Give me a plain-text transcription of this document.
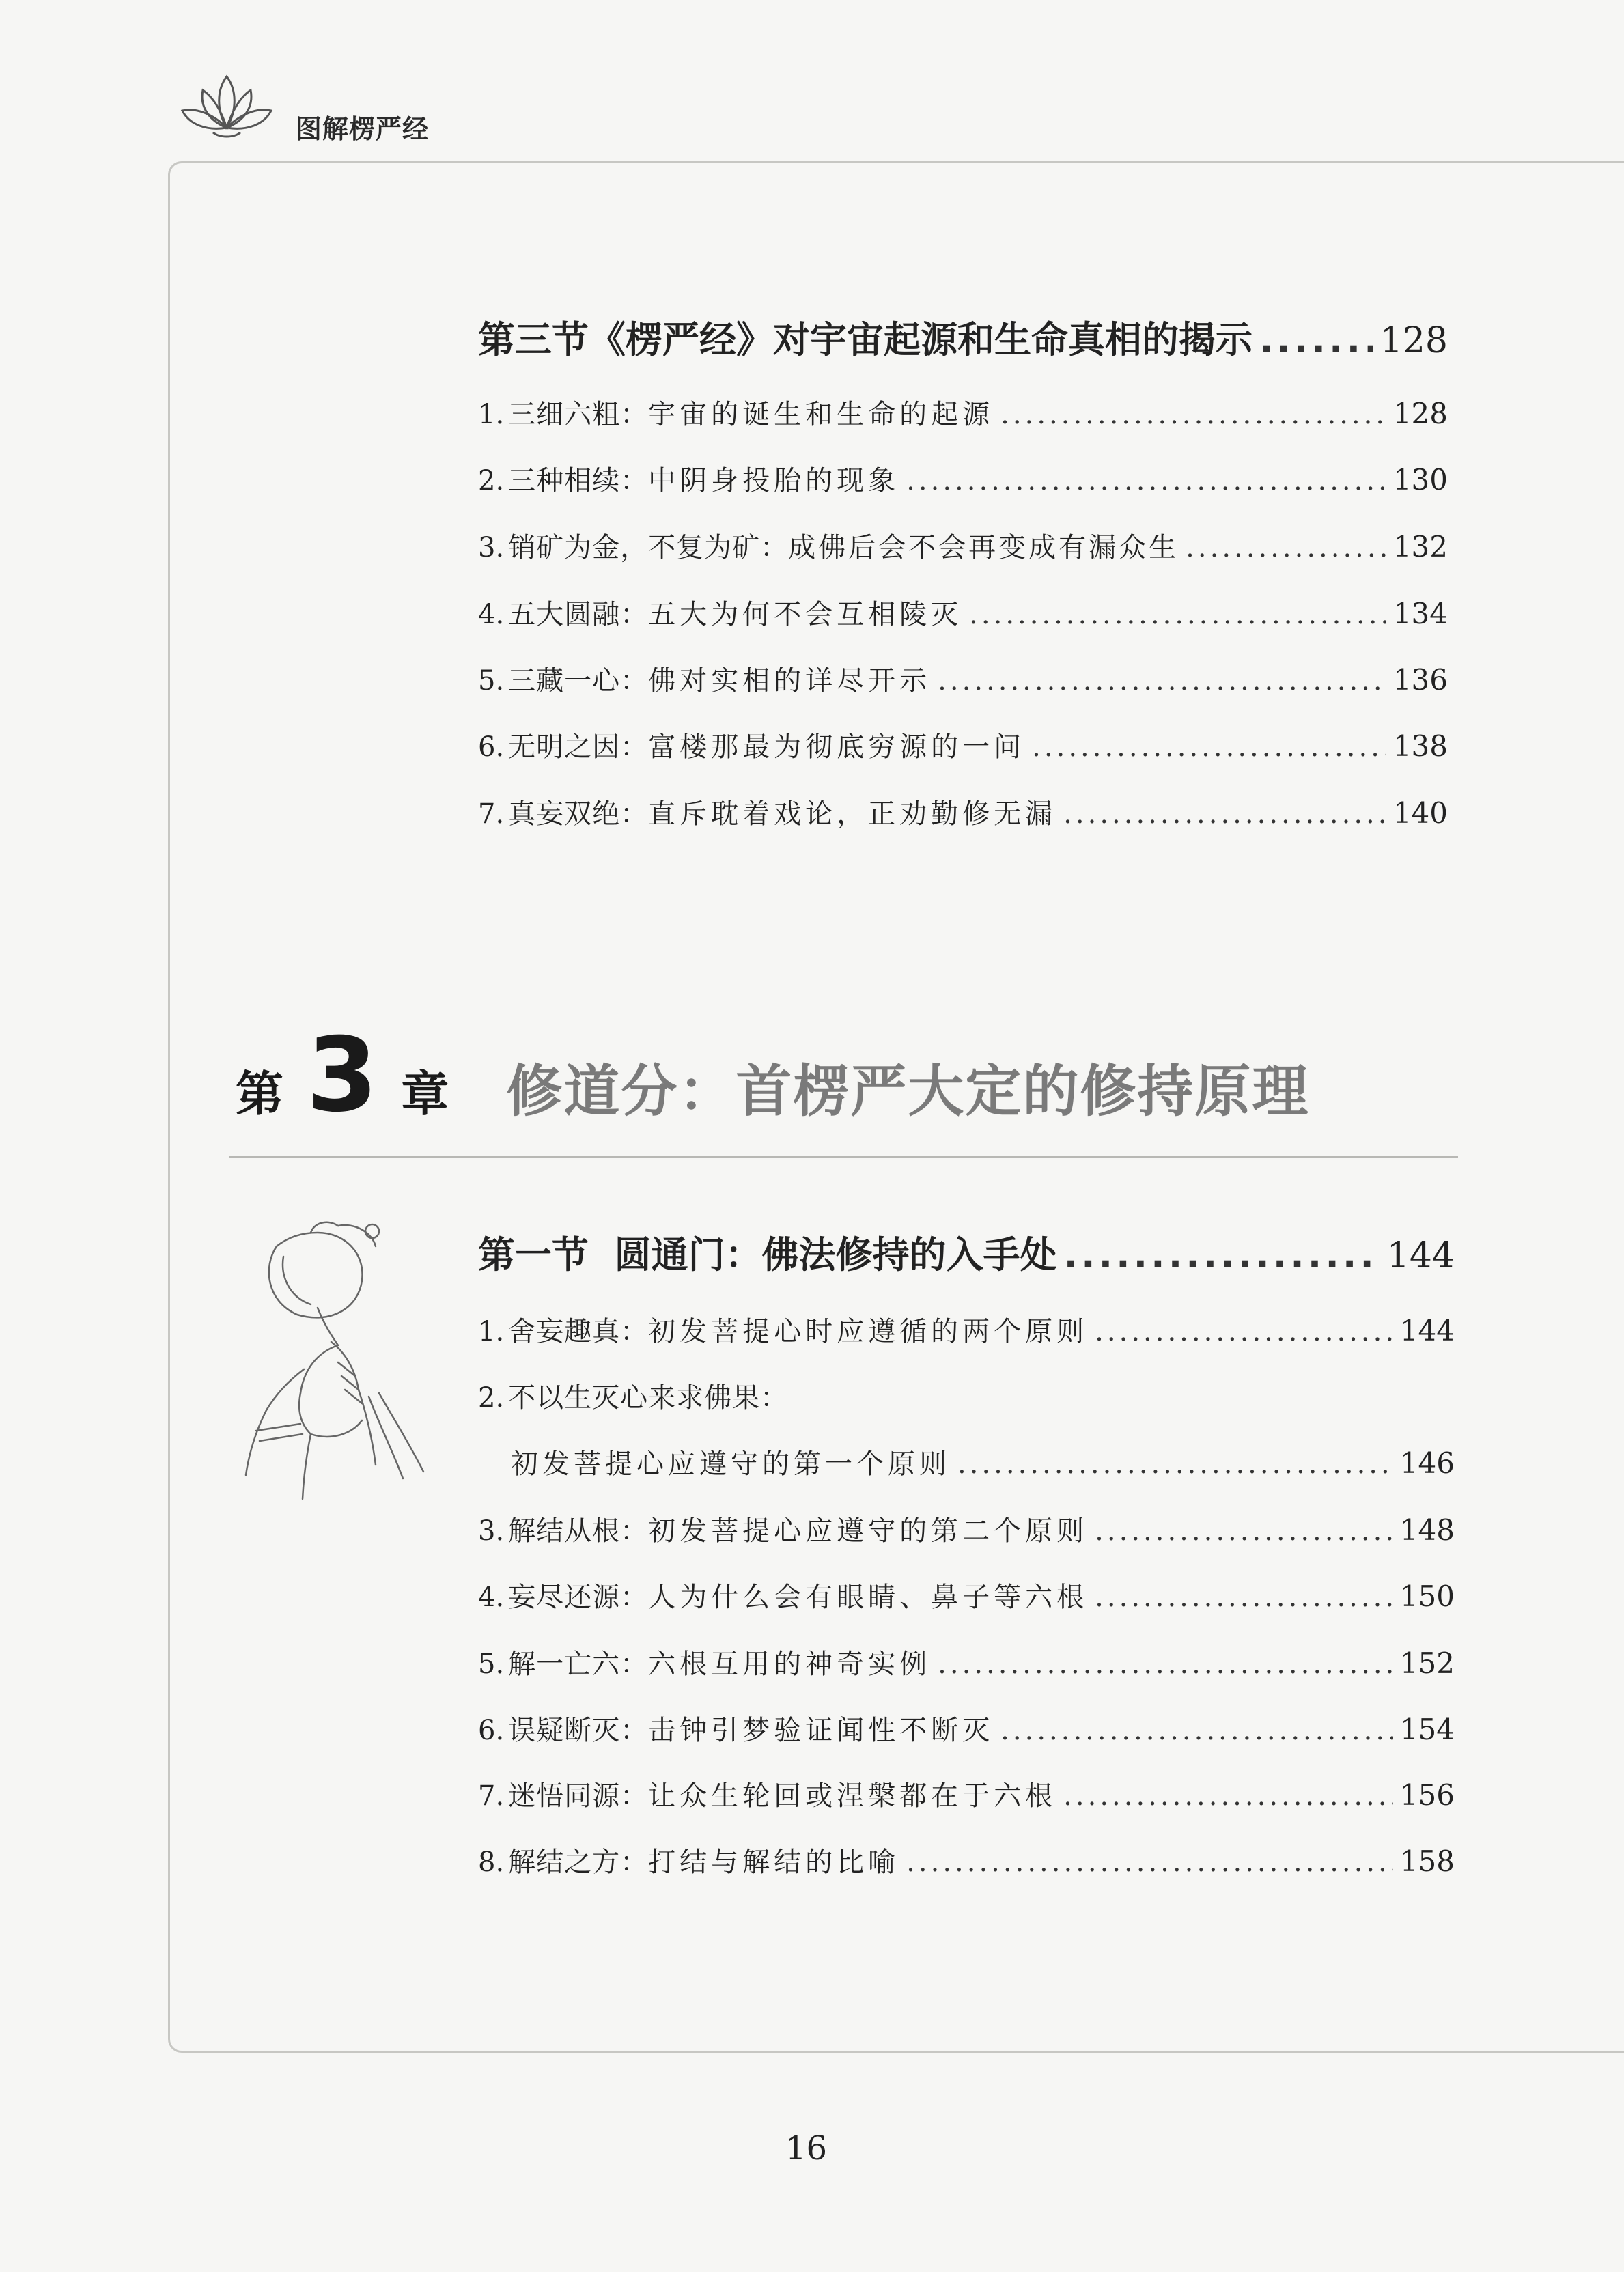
图解楞严经
第三节《楞严经》对宇宙起源和生命真相的揭示 .....	128
1. 三细六粗： 宇宙的诞生和生命的起源 .....	128
2. 三种相续： 中阴身投胎的现象 .....	130
3. 销矿为金，不复为矿： 成佛后会不会再变成有漏众生 .....	132
4. 五大圆融： 五大为何不会互相陵灭 .....	134
5. 三藏一心： 佛对实相的详尽开示 .....	136
6. 无明之因： 富楼那最为彻底穷源的一问 .....	138
7. 真妄双绝： 直斥耽着戏论，正劝勤修无漏 .....	140
第 3 章 修道分：首楞严大定的修持原理
第一节  圆通门：佛法修持的入手处 .....	144
1. 舍妄趣真： 初发菩提心时应遵循的两个原则 .....	144
2. 不以生灭心来求佛果：
初发菩提心应遵守的第一个原则 .....	146
3. 解结从根： 初发菩提心应遵守的第二个原则 .....	148
4. 妄尽还源： 人为什么会有眼睛、鼻子等六根 .....	150
5. 解一亡六： 六根互用的神奇实例 .....	152
6. 误疑断灭： 击钟引梦验证闻性不断灭 .....	154
7. 迷悟同源： 让众生轮回或涅槃都在于六根 .....	156
8. 解结之方： 打结与解结的比喻 .....	158
16
